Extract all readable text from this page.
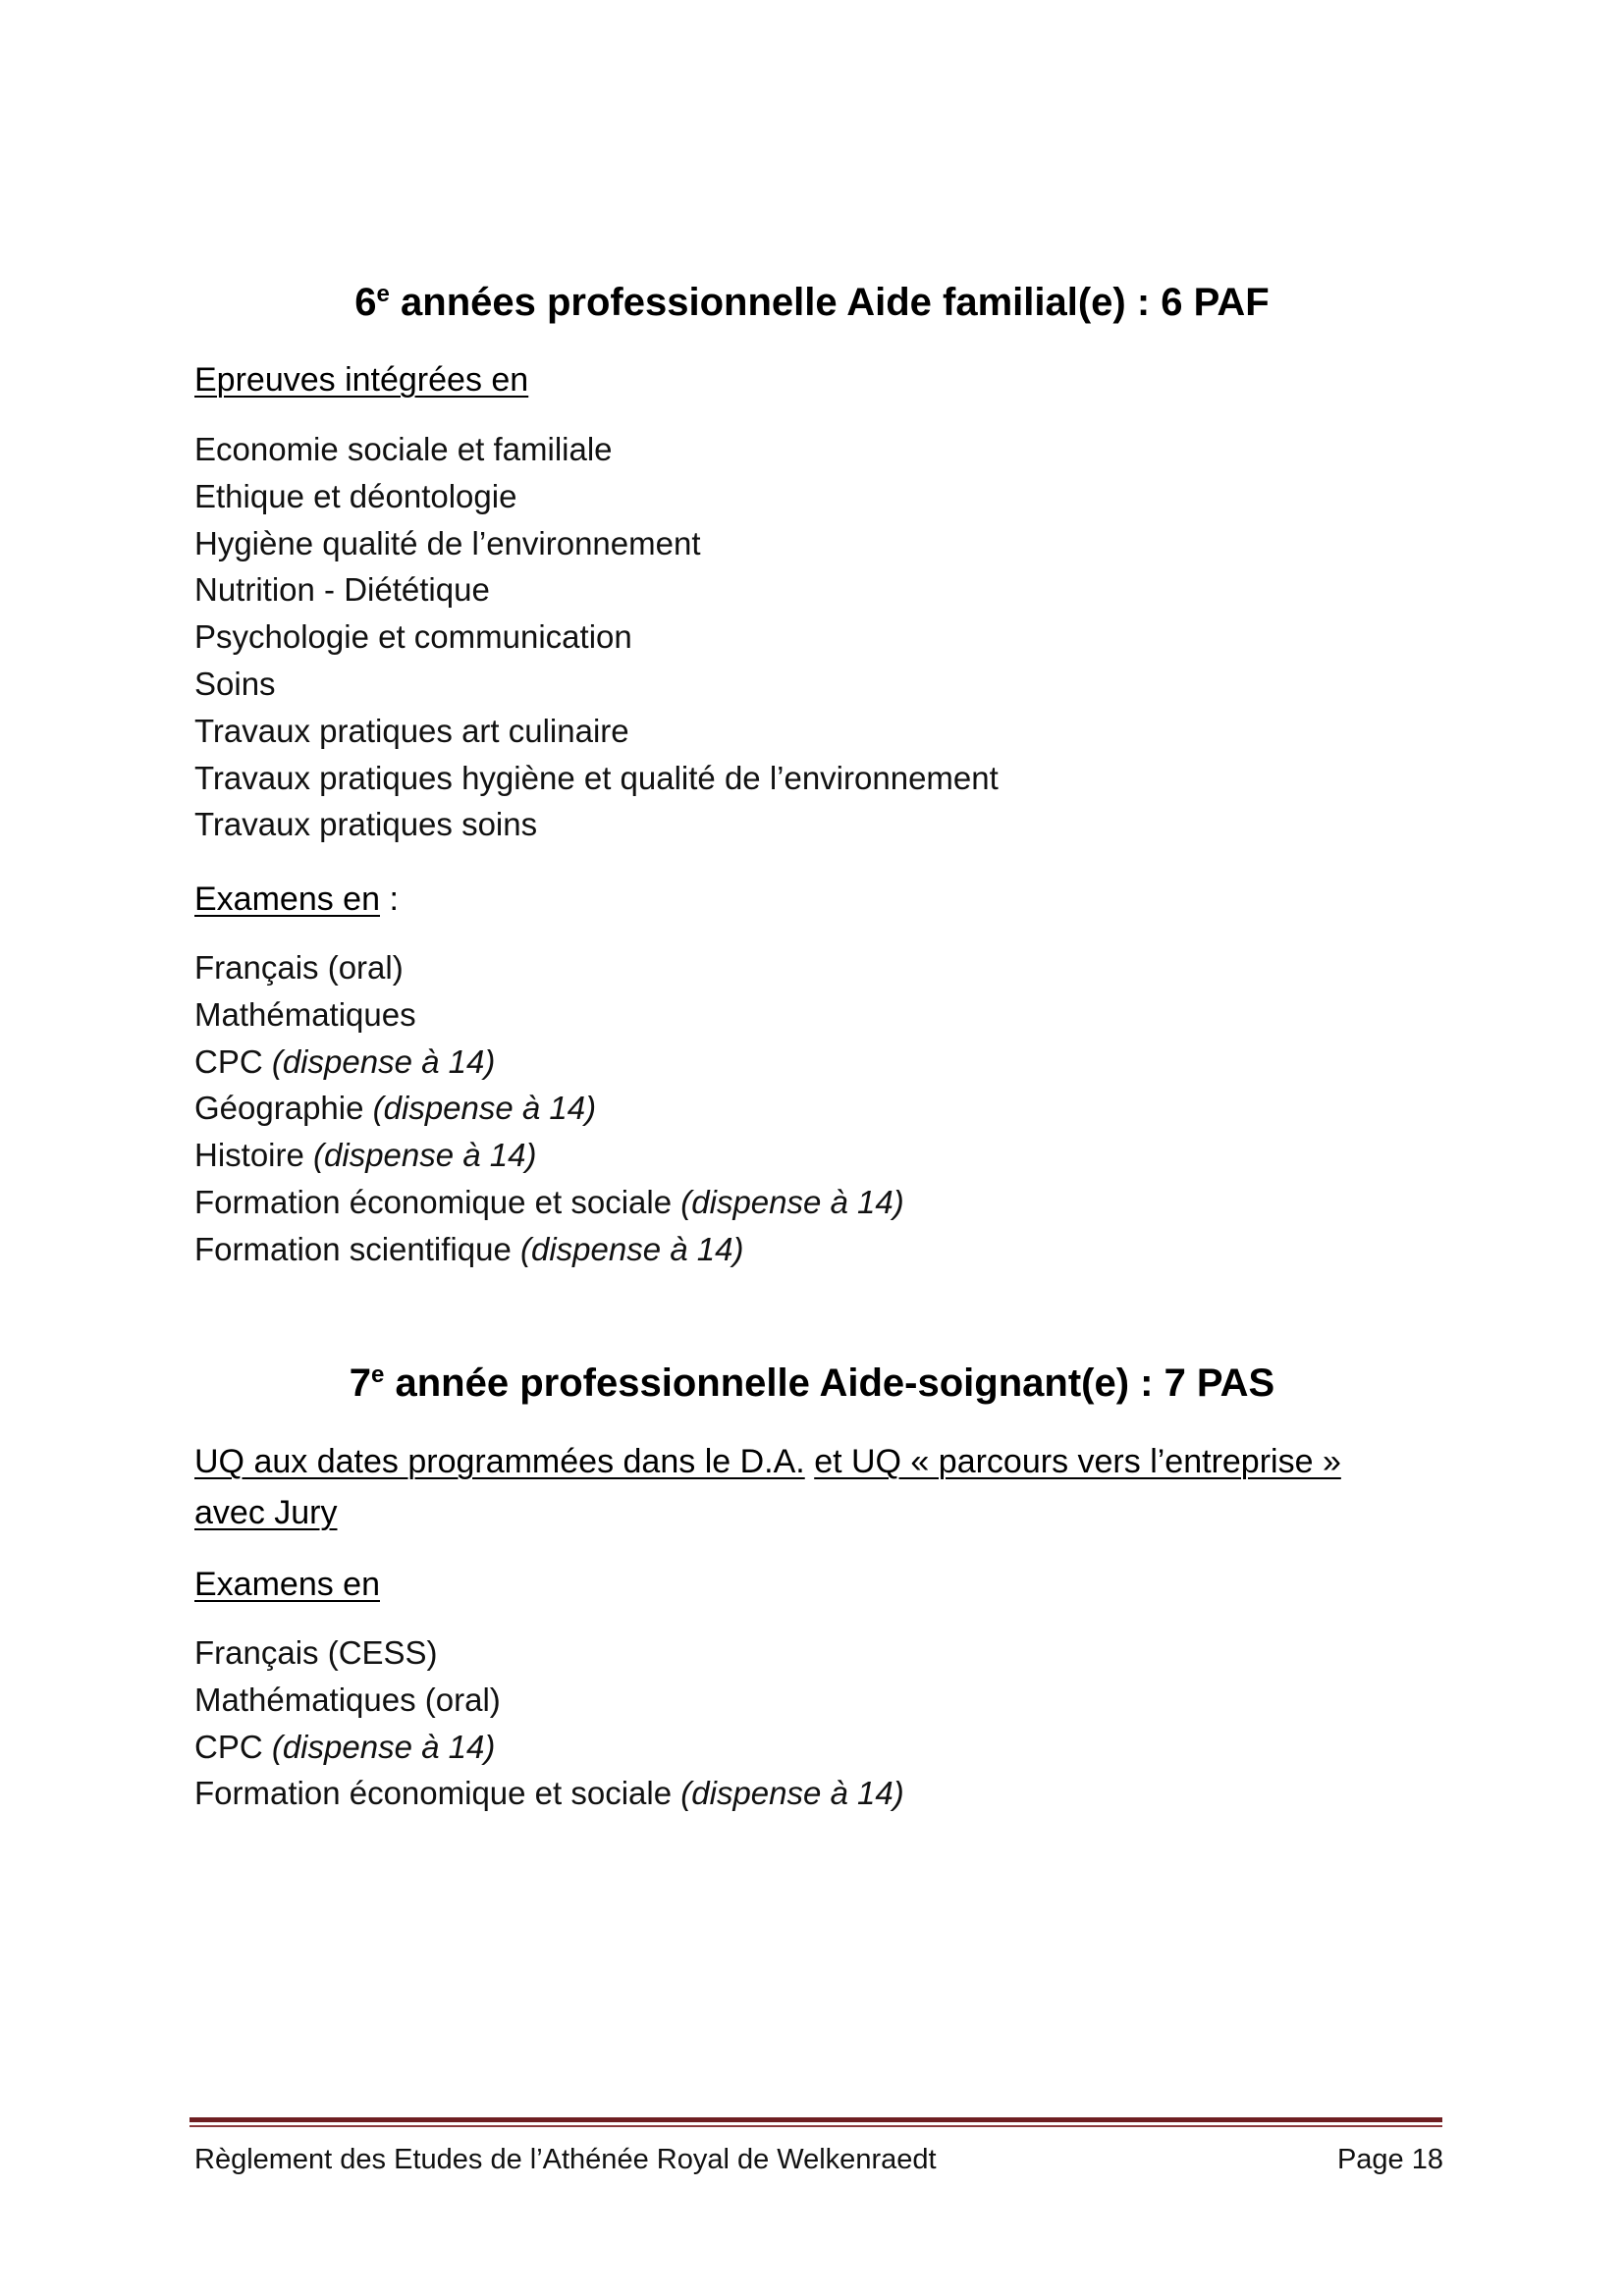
6e années professionnelle Aide familial(e) : 6 PAF
Epreuves intégrées en
Economie sociale et familiale
Ethique et déontologie
Hygiène qualité de l’environnement
Nutrition - Diététique
Psychologie et communication
Soins
Travaux pratiques art culinaire
Travaux pratiques hygiène et qualité de l’environnement
Travaux pratiques soins
Examens en :
Français (oral)
Mathématiques
CPC (dispense à 14)
Géographie (dispense à 14)
Histoire (dispense à 14)
Formation économique et sociale (dispense à 14)
Formation scientifique (dispense à 14)
7e année professionnelle Aide-soignant(e) : 7 PAS
UQ aux dates programmées dans le D.A. et UQ « parcours vers l’entreprise »
avec Jury
Examens en
Français (CESS)
Mathématiques (oral)
CPC (dispense à 14)
Formation économique et sociale (dispense à 14)
Règlement des Etudes de l’Athénée Royal de Welkenraedt	Page 18
